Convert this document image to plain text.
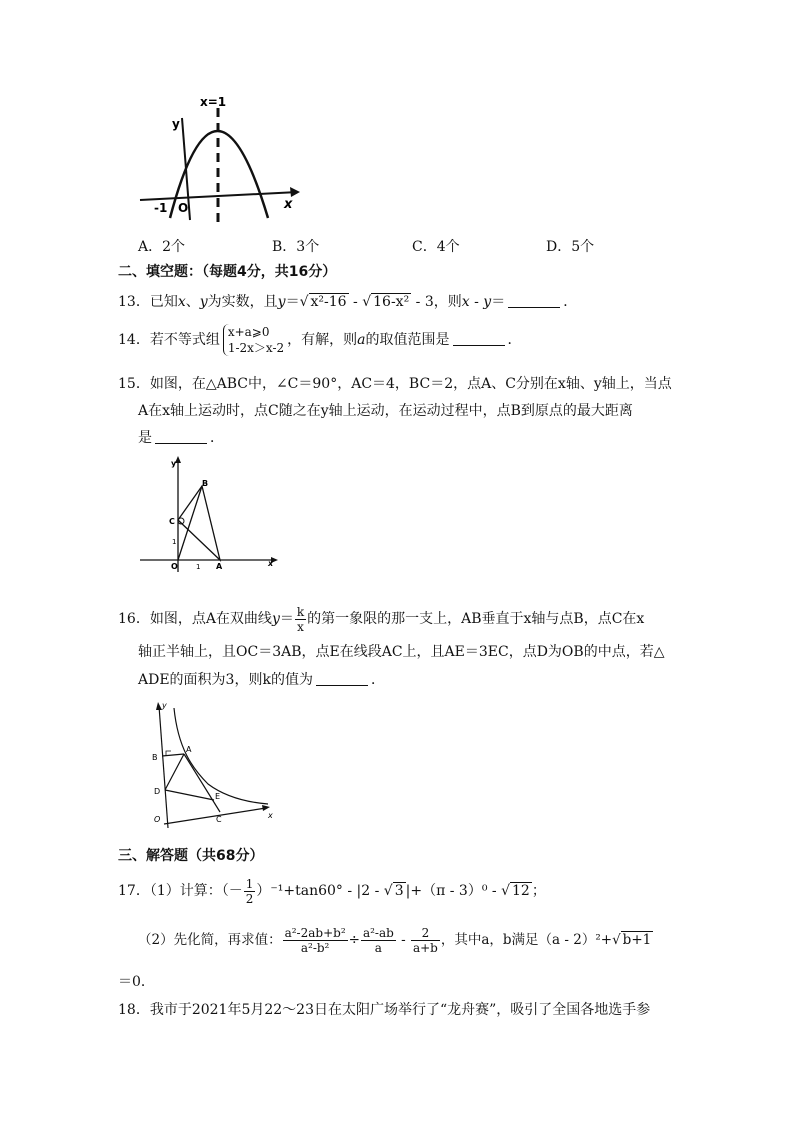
x=1
y
O
-1	x
A．2个	B．3个	C．4个	D．5个
二、填空题：（每题4分，共16分）
13．已知x、y为实数，且y＝√ x²-16 - √ 16-x² - 3，则x - y＝	．
14．若不等式组 x+a⩾0
1-2x＞x-2 ，有解，则a的取值范围是	．
15．如图，在△ABC中，∠C＝90°，AC＝4，BC＝2，点A、C分别在x轴、y轴上，当点
A在x轴上运动时，点C随之在y轴上运动，在运动过程中，点B到原点的最大距离
是	．
y
B
C
1
O	1 A	x
16．如图，点A在双曲线$y= \frac{k}{x}$ 的第一象限的那一支上，AB垂直于x轴与点B，点C在x
轴正半轴上，且OC＝3AB，点E在线段AC上，且AE＝3EC，点D为OB的中点，若△
ADE的面积为3，则k的值为	．
y
B
A
D
E
O	C	x
三、解答题（共68分）
17．（1）计算：（－ $\frac{1}{2} )^{-1}+\tan 60^\circ - |2$ - √ 3 |+（π - 3）⁰ - √ 12 ；
（2）先化简，再求值： $\frac{\text{a²-2ab+b²}}{\text{a²-b²}} \div \frac{\text{a²-ab}}{a} - \frac{2}{a+b}$ ，其中a，b满足（a - 2）²+√ b+1
＝0．
18．我市于2021年5月22～23日在太阳广场举行了“龙舟赛”，吸引了全国各地选手参
